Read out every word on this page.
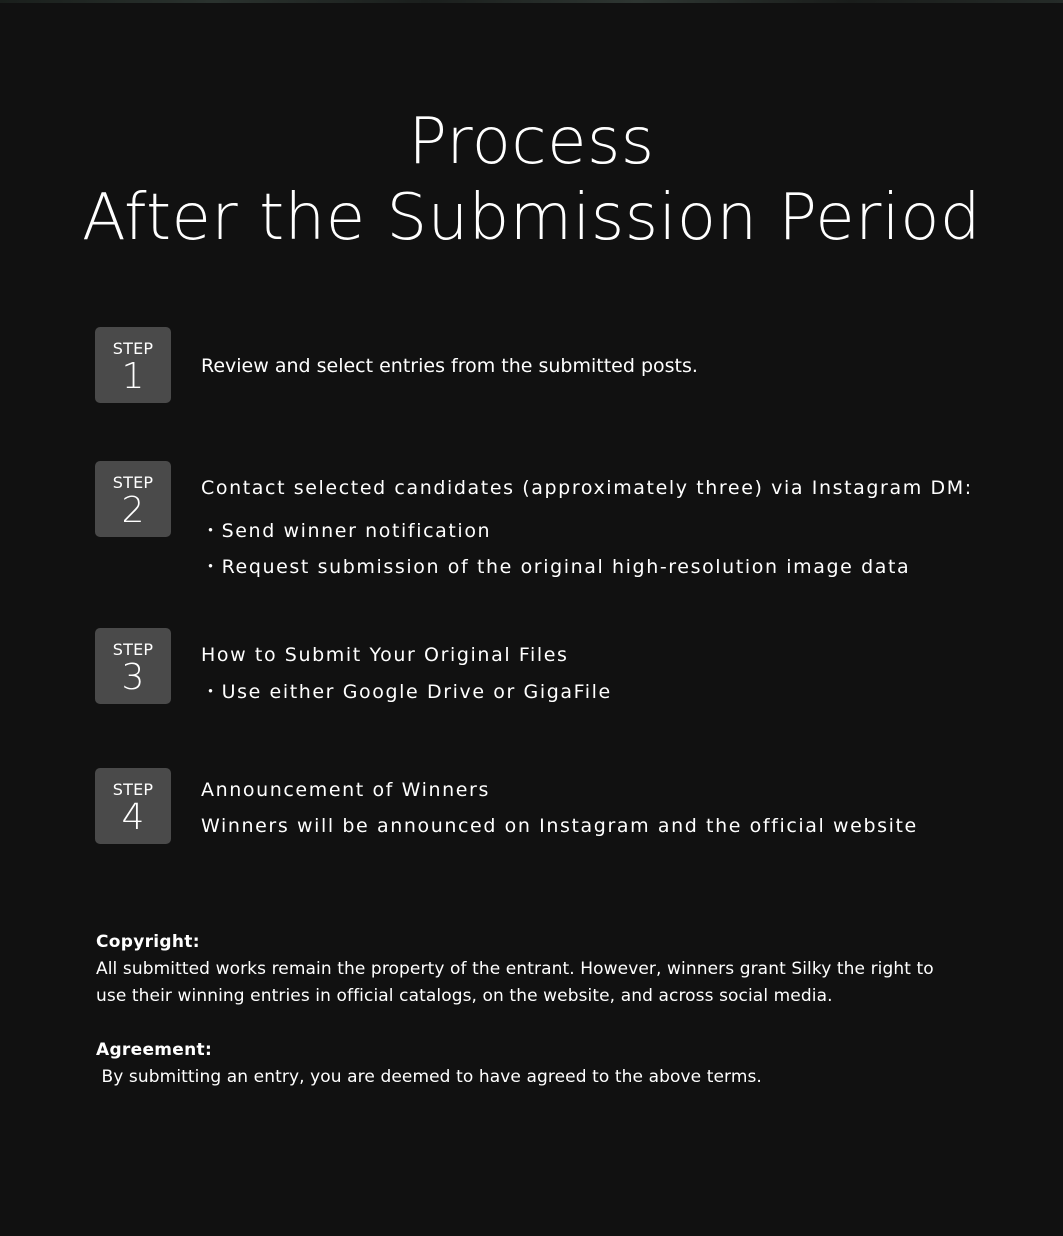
Process
After the Submission Period
STEP
1	Review and select entries from the submitted posts.
STEP
2
Contact selected candidates (approximately three) via Instagram DM:
・Send winner notification
・Request submission of the original high-resolution image data
STEP
3
How to Submit Your Original Files
・Use either Google Drive or GigaFile
STEP
4
Announcement of Winners
Winners will be announced on Instagram and the official website
Copyright:
All submitted works remain the property of the entrant. However, winners grant Silky the right to use their winning entries in official catalogs, on the website, and across social media.
Agreement:
By submitting an entry, you are deemed to have agreed to the above terms.
